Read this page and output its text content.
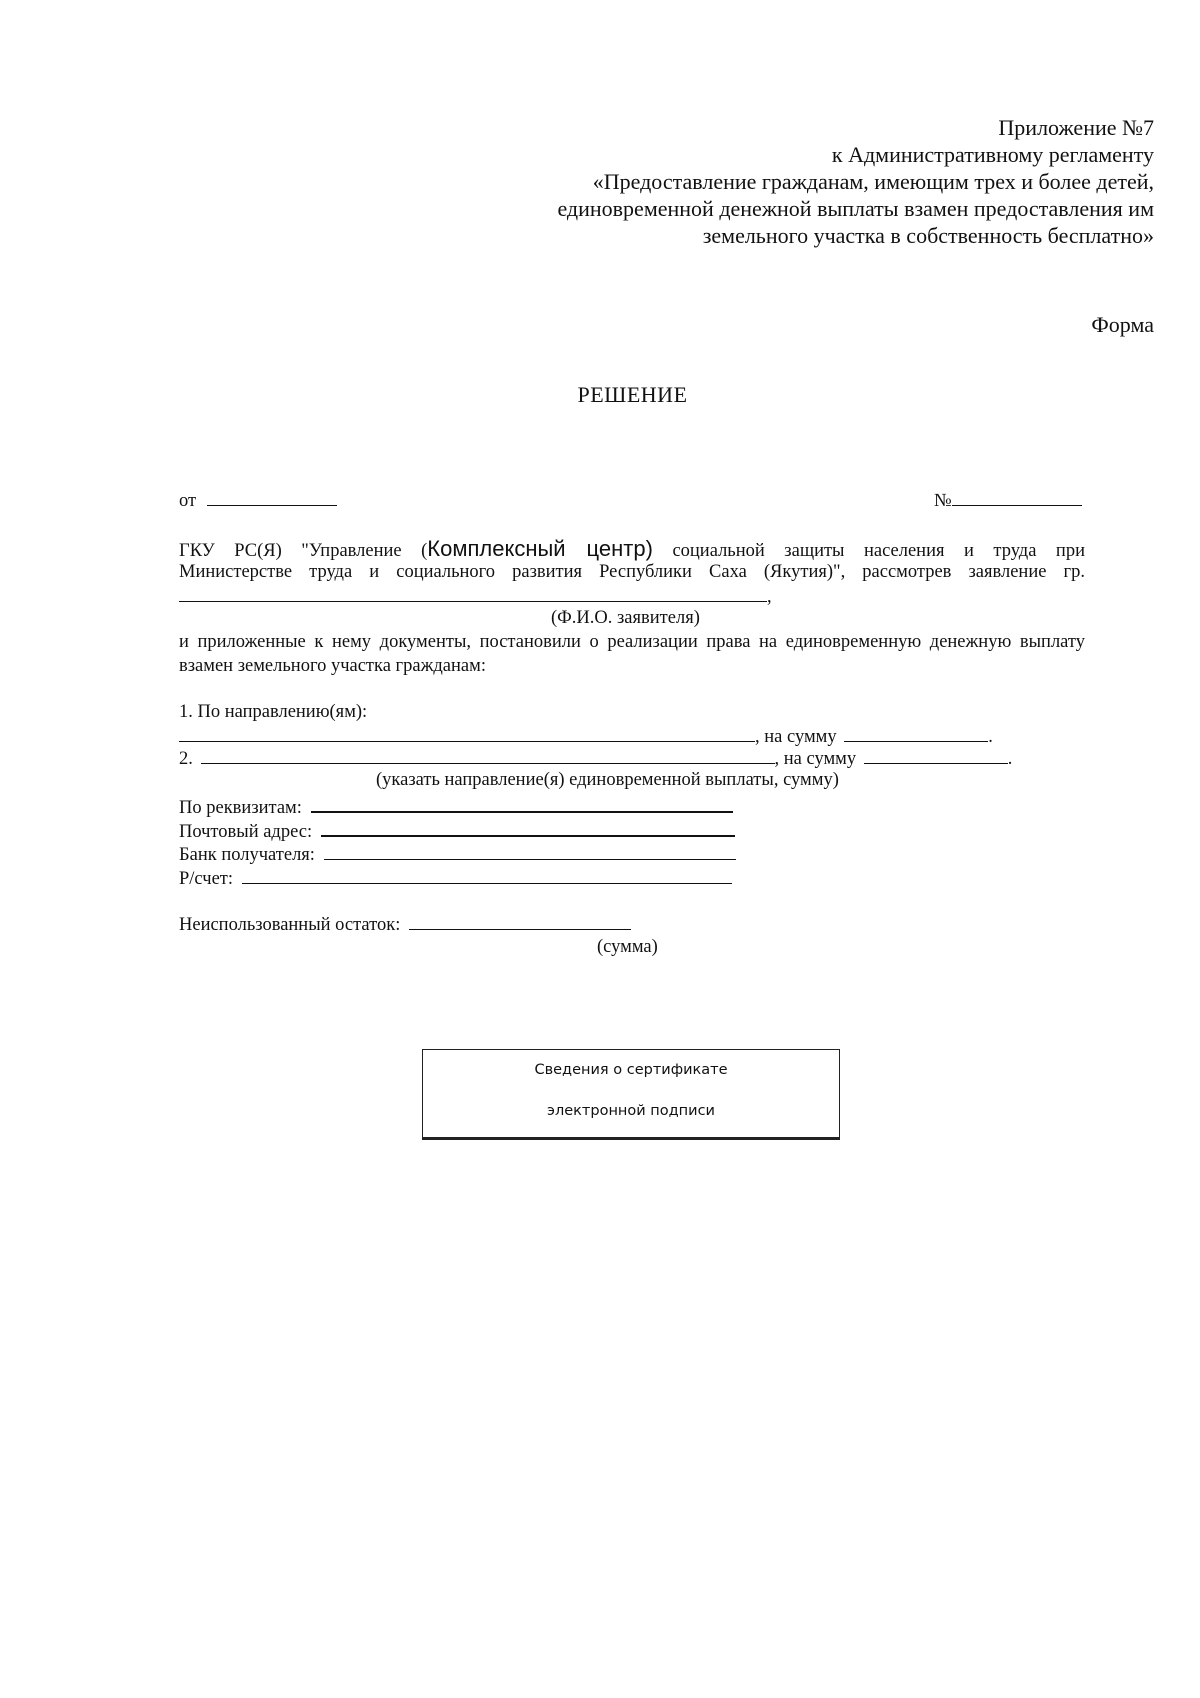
Приложение №7
к Административному регламенту
«Предоставление гражданам, имеющим трех и более детей,
единовременной денежной выплаты взамен предоставления им
земельного участка в собственность бесплатно»
Форма
РЕШЕНИЕ
от	№
ГКУ РС(Я) "Управление (Комплексный центр) социальной защиты населения и труда при
Министерстве труда и социального развития Республики Саха (Якутия)", рассмотрев заявление гр.
,
(Ф.И.О. заявителя)
и приложенные к нему документы, постановили о реализации права на единовременную денежную выплату взамен земельного участка гражданам:
1. По направлению(ям):
, на сумму	.
2.	, на сумму	.
(указать направление(я) единовременной выплаты, сумму)
По реквизитам:
Почтовый адрес:
Банк получателя:
Р/счет:
Неиспользованный остаток:
(сумма)
Сведения о сертификате
электронной подписи
